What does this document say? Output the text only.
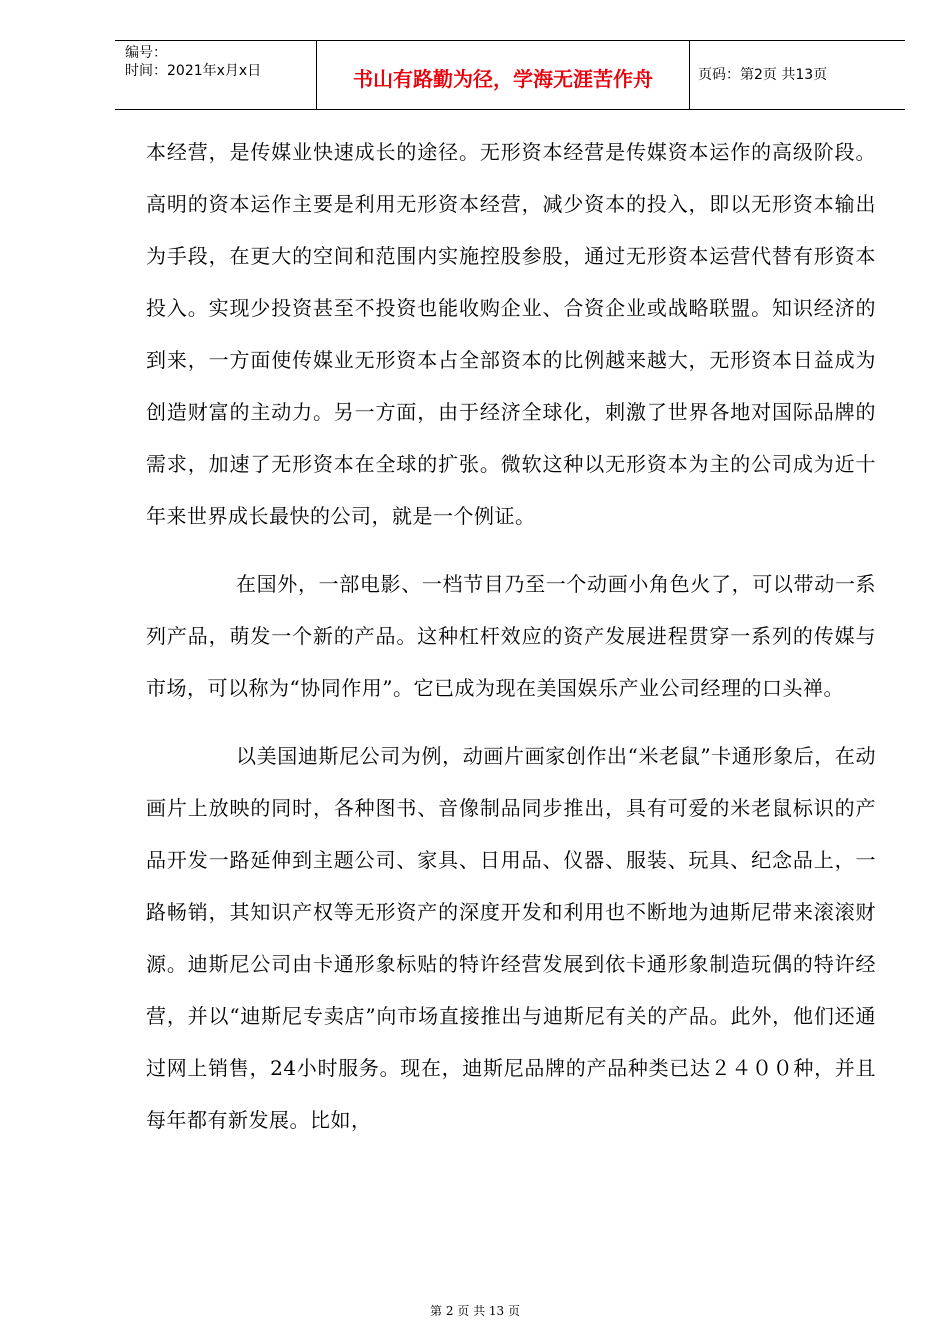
编号：
时间：2021年x月x日	书山有路勤为径，学海无涯苦作舟	页码：第2页 共13页

本经营，是传媒业快速成长的途径。无形资本经营是传媒资本运作的高级阶段。高明的资本运作主要是利用无形资本经营，减少资本的投入，即以无形资本输出为手段，在更大的空间和范围内实施控股参股，通过无形资本运营代替有形资本投入。实现少投资甚至不投资也能收购企业、合资企业或战略联盟。知识经济的到来，一方面使传媒业无形资本占全部资本的比例越来越大，无形资本日益成为创造财富的主动力。另一方面，由于经济全球化，刺激了世界各地对国际品牌的需求，加速了无形资本在全球的扩张。微软这种以无形资本为主的公司成为近十年来世界成长最快的公司，就是一个例证。

在国外，一部电影、一档节目乃至一个动画小角色火了，可以带动一系列产品，萌发一个新的产品。这种杠杆效应的资产发展进程贯穿一系列的传媒与市场，可以称为“协同作用”。它已成为现在美国娱乐产业公司经理的口头禅。

以美国迪斯尼公司为例，动画片画家创作出“米老鼠”卡通形象后，在动画片上放映的同时，各种图书、音像制品同步推出，具有可爱的米老鼠标识的产品开发一路延伸到主题公司、家具、日用品、仪器、服装、玩具、纪念品上，一路畅销，其知识产权等无形资产的深度开发和利用也不断地为迪斯尼带来滚滚财源。迪斯尼公司由卡通形象标贴的特许经营发展到依卡通形象制造玩偶的特许经营，并以“迪斯尼专卖店”向市场直接推出与迪斯尼有关的产品。此外，他们还通过网上销售，24小时服务。现在，迪斯尼品牌的产品种类已达２４００种，并且每年都有新发展。比如，

第 2 页 共 13 页
